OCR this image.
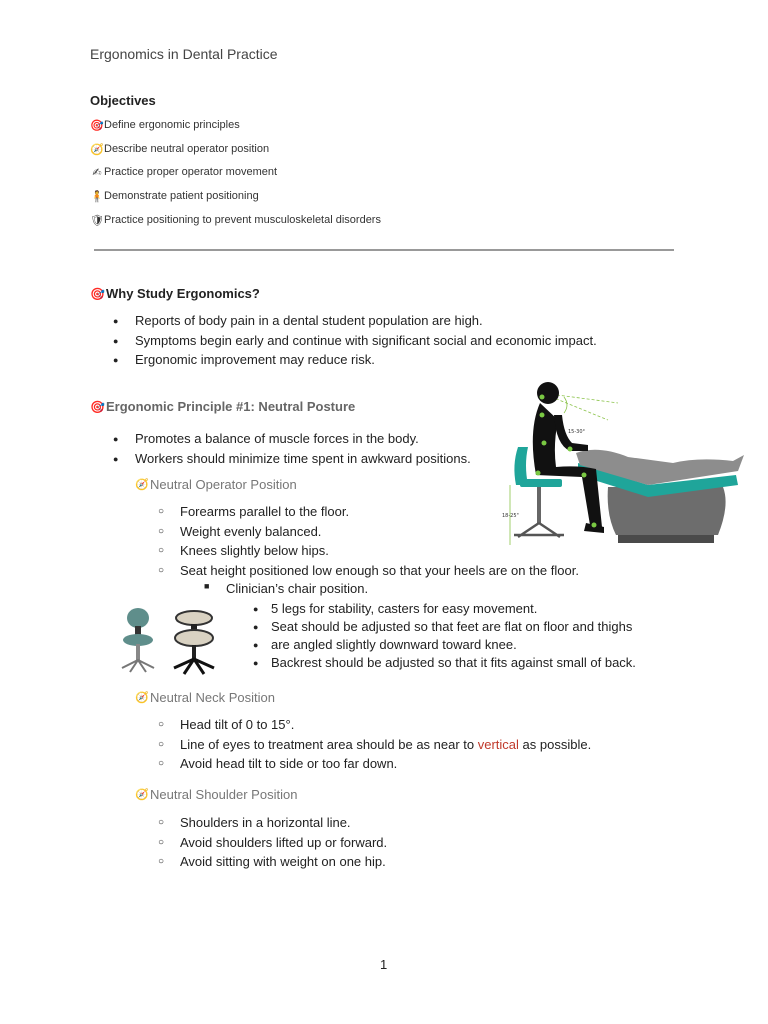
Ergonomics in Dental Practice
Objectives
🎯 Define ergonomic principles
🧭 Describe neutral operator position
✍ Practice proper operator movement
🧍 Demonstrate patient positioning
🛡 Practice positioning to prevent musculoskeletal disorders
🎯 Why Study Ergonomics?
● Reports of body pain in a dental student population are high.
● Symptoms begin early and continue with significant social and economic impact.
● Ergonomic improvement may reduce risk.
🎯 Ergonomic Principle #1: Neutral Posture
● Promotes a balance of muscle forces in the body.
● Workers should minimize time spent in awkward positions.
🧭 Neutral Operator Position
○ Forearms parallel to the floor.
○ Weight evenly balanced.
○ Knees slightly below hips.
○ Seat height positioned low enough so that your heels are on the floor.
■ Clinician’s chair position.
● 5 legs for stability, casters for easy movement.
● Seat should be adjusted so that feet are flat on floor and thighs
● are angled slightly downward toward knee.
● Backrest should be adjusted so that it fits against small of back.
🧭 Neutral Neck Position
○ Head tilt of 0 to 15°.
○ Line of eyes to treatment area should be as near to vertical as possible.
○ Avoid head tilt to side or too far down.
🧭 Neutral Shoulder Position
○ Shoulders in a horizontal line.
○ Avoid shoulders lifted up or forward.
○ Avoid sitting with weight on one hip.
15-30°
18-25"
1
